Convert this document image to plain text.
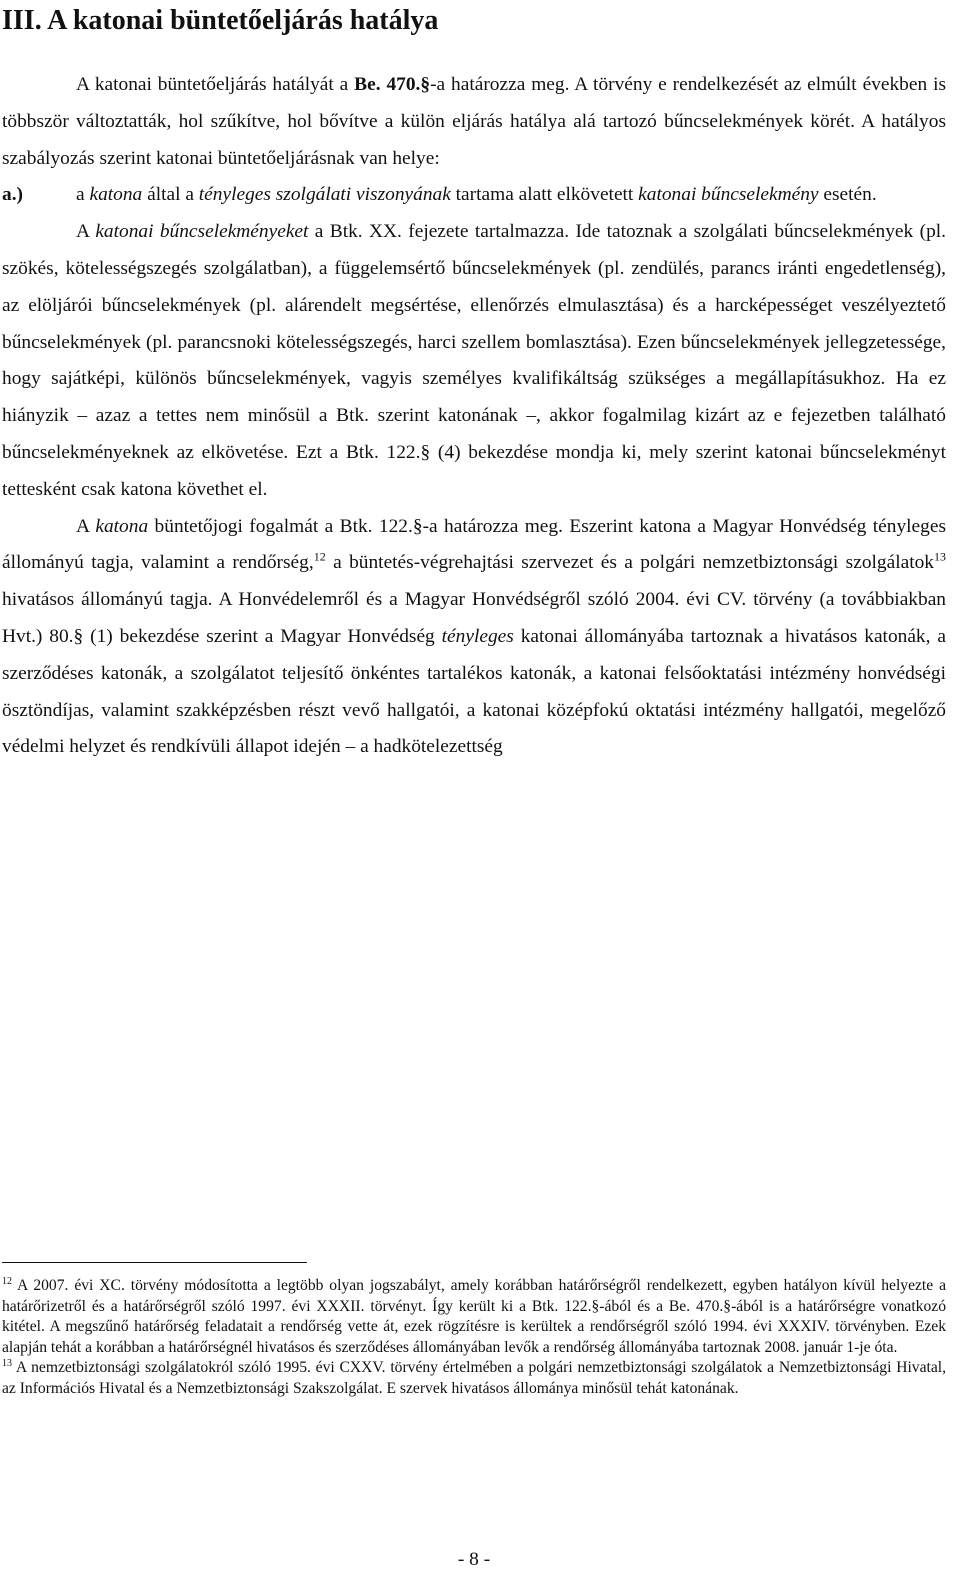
III. A katonai büntetőeljárás hatálya

A katonai büntetőeljárás hatályát a Be. 470.§-a határozza meg. A törvény e rendelkezését az elmúlt években is többször változtatták, hol szűkítve, hol bővítve a külön eljárás hatálya alá tartozó bűncselekmények körét. A hatályos szabályozás szerint katonai büntetőeljárásnak van helye:

a.)	a katona által a tényleges szolgálati viszonyának tartama alatt elkövetett katonai bűncselekmény esetén.

A katonai bűncselekményeket a Btk. XX. fejezete tartalmazza. Ide tatoznak a szolgálati bűncselekmények (pl. szökés, kötelességszegés szolgálatban), a függelemsértő bűncselekmények (pl. zendülés, parancs iránti engedetlenség), az elöljárói bűncselekmények (pl. alárendelt megsértése, ellenőrzés elmulasztása) és a harcképességet veszélyeztető bűncselekmények (pl. parancsnoki kötelességszegés, harci szellem bomlasztása). Ezen bűncselekmények jellegzetessége, hogy sajátképi, különös bűncselekmények, vagyis személyes kvalifikáltság szükséges a megállapításukhoz. Ha ez hiányzik – azaz a tettes nem minősül a Btk. szerint katonának –, akkor fogalmilag kizárt az e fejezetben található bűncselekményeknek az elkövetése. Ezt a Btk. 122.§ (4) bekezdése mondja ki, mely szerint katonai bűncselekményt tettesként csak katona követhet el.

A katona büntetőjogi fogalmát a Btk. 122.§-a határozza meg. Eszerint katona a Magyar Honvédség tényleges állományú tagja, valamint a rendőrség,$^{12}$ a büntetés-végrehajtási szervezet és a polgári nemzetbiztonsági szolgálatok$^{13}$ hivatásos állományú tagja. A Honvédelemről és a Magyar Honvédségről szóló 2004. évi CV. törvény (a továbbiakban Hvt.) 80.§ (1) bekezdése szerint a Magyar Honvédség tényleges katonai állományába tartoznak a hivatásos katonák, a szerződéses katonák, a szolgálatot teljesítő önkéntes tartalékos katonák, a katonai felsőoktatási intézmény honvédségi ösztöndíjas, valamint szakképzésben részt vevő hallgatói, a katonai középfokú oktatási intézmény hallgatói, megelőző védelmi helyzet és rendkívüli állapot idején – a hadkötelezettség

$^{12}$ A 2007. évi XC. törvény módosította a legtöbb olyan jogszabályt, amely korábban határőrségről rendelkezett, egyben hatályon kívül helyezte a határőrizetről és a határőrségről szóló 1997. évi XXXII. törvényt. Így került ki a Btk. 122.§-ából és a Be. 470.§-ából is a határőrségre vonatkozó kitétel. A megszűnő határőrség feladatait a rendőrség vette át, ezek rögzítésre is kerültek a rendőrségről szóló 1994. évi XXXIV. törvényben. Ezek alapján tehát a korábban a határőrségnél hivatásos és szerződéses állományában levők a rendőrség állományába tartoznak 2008. január 1-je óta.

$^{13}$ A nemzetbiztonsági szolgálatokról szóló 1995. évi CXXV. törvény értelmében a polgári nemzetbiztonsági szolgálatok a Nemzetbiztonsági Hivatal, az Információs Hivatal és a Nemzetbiztonsági Szakszolgálat. E szervek hivatásos állománya minősül tehát katonának.

- 8 -
